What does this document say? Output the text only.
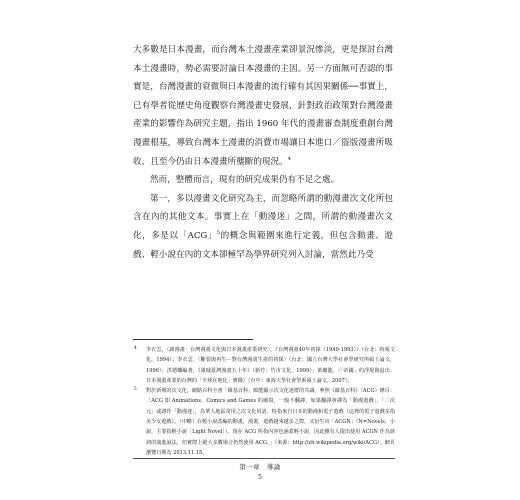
大多數是日本漫畫，而台灣本土漫畫產業卻景況慘淡，更是探討台灣本土漫畫時，勢必需要討論日本漫畫的主因。另一方面無可否認的事實是，台灣漫畫的衰微與日本漫畫的流行確有其因果關係──事實上，已有學者從歷史角度觀察台灣漫畫史發展，針對政治政策對台灣漫畫產業的影響作為研究主題，指出 1960 年代的漫畫審查制度重創台灣漫畫根基，導致台灣本土漫畫的消費市場讓日本進口／盜版漫畫所吸收，且至今仍由日本漫畫所壟斷的現況。$^4$

然而，整體而言，現有的研究成果仍有不足之處。

第一，多以漫畫文化研究為主，而忽略所謂的動漫畫次文化所包含在內的其他文本。事實上在「動漫迷」之間，所謂的動漫畫次文化，多是以「ACG」$^5$的概念與範圍來進行定義，但包含動畫、遊戲、輕小說在內的文本卻極罕為學界研究列入討論，當然此乃受

4 李衣雲，〈讀漫畫：台灣漫畫文化與日本漫畫產業研究〉，《台灣漫畫40年初探（1949-1993）》（台北：時報文化，1994）；李衣雲，〈斷裂與再生－對台灣漫畫生產的初探〉（台北：國立台灣大學社會學研究所碩士論文，1996）；洪德麟編著，《風城臺灣漫畫五十年》（新竹：竹市文化，1999）；黃繼龍，〈「帝國」的浮現與退出：日本漫畫產業的台灣的「全球在地化」實踐〉（台中：東海大學社會學系碩士論文，2007）。

5 對於新興的次文化，網路百科全書「維基百科」頗能顯示次文化迷群的共識，參照《維基百科》〈ACG〉條目：「ACG 即 Animations、Comics and Games 的縮寫，一般不翻譯，如果翻譯會譯為「動漫遊戲」、「二次元」或譯作「動漫迷」，為華人地區常用之次文化用語，特指來自日本的動漫和電子遊戲（這裡的電子遊戲多指美少女遊戲）。（中略）在輕小說改編的動畫，漫畫，遊戲越來越多之際，又衍生出「ACGN」（N=Novels，小說，主要指輕小說［Light Novel］）。現在 ACG 所指內容也涵蓋輕小說，因此雖有人提出使用 ACGN 作為該詞的演進說法，但實際上絕大多數場合仍然使用 ACG。」（來源：http://zh.wikipedia.org/wiki/ACG），網頁瀏覽日期為 2013.11.15。

第一章　導論
5
